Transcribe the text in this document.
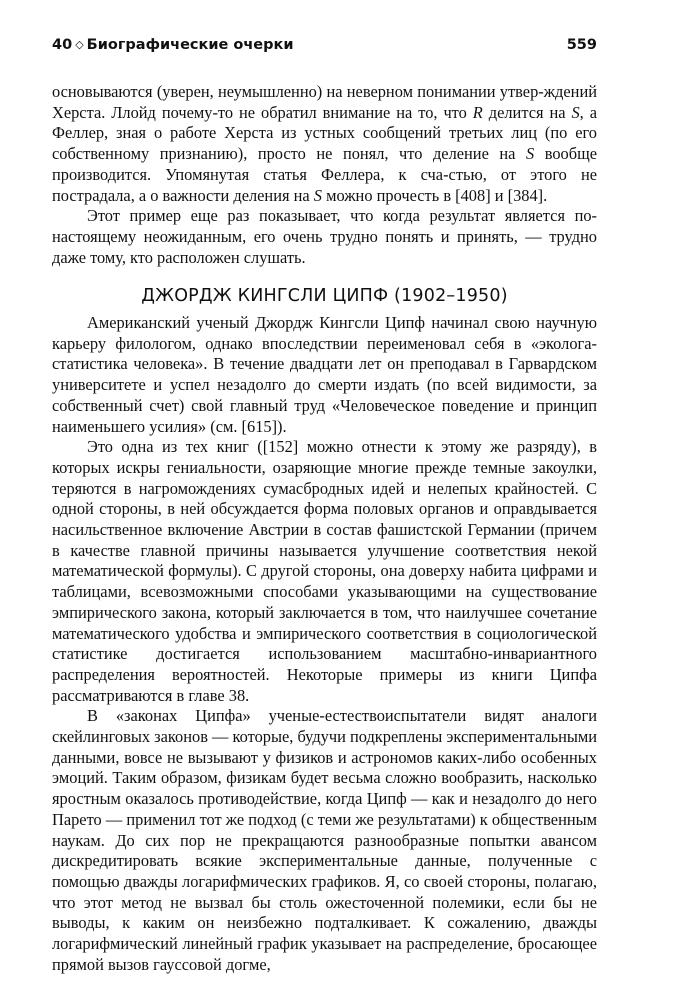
40 ◇ Биографические очерки	559

основываются (уверен, неумышленно) на неверном понимании утвер-ждений Херста. Ллойд почему-то не обратил внимание на то, что R делится на S, а Феллер, зная о работе Херста из устных сообщений третьих лиц (по его собственному признанию), просто не понял, что деление на S вообще производится. Упомянутая статья Феллера, к сча-стью, от этого не пострадала, а о важности деления на S можно прочесть в [408] и [384].

Этот пример еще раз показывает, что когда результат является по-настоящему неожиданным, его очень трудно понять и принять, — трудно даже тому, кто расположен слушать.

ДЖОРДЖ КИНГСЛИ ЦИПФ (1902–1950)

Американский ученый Джордж Кингсли Ципф начинал свою научную карьеру филологом, однако впоследствии переименовал себя в «эколога-статистика человека». В течение двадцати лет он преподавал в Гарвардском университете и успел незадолго до смерти издать (по всей видимости, за собственный счет) свой главный труд «Человеческое поведение и принцип наименьшего усилия» (см. [615]).

Это одна из тех книг ([152] можно отнести к этому же разряду), в которых искры гениальности, озаряющие многие прежде темные закоулки, теряются в нагромождениях сумасбродных идей и нелепых крайностей. С одной стороны, в ней обсуждается форма половых органов и оправдывается насильственное включение Австрии в состав фашистской Германии (причем в качестве главной причины называется улучшение соответствия некой математической формулы). С другой стороны, она доверху набита цифрами и таблицами, всевозможными способами указывающими на существование эмпирического закона, который заключается в том, что наилучшее сочетание математического удобства и эмпирического соответствия в социологической статистике достигается использованием масштабно-инвариантного распределения вероятностей. Некоторые примеры из книги Ципфа рассматриваются в главе 38.

В «законах Ципфа» ученые-естествоиспытатели видят аналоги скейлинговых законов — которые, будучи подкреплены экспериментальными данными, вовсе не вызывают у физиков и астрономов каких-либо особенных эмоций. Таким образом, физикам будет весьма сложно вообразить, насколько яростным оказалось противодействие, когда Ципф — как и незадолго до него Парето — применил тот же подход (с теми же результатами) к общественным наукам. До сих пор не прекращаются разнообразные попытки авансом дискредитировать всякие экспериментальные данные, полученные с помощью дважды логарифмических графиков. Я, со своей стороны, полагаю, что этот метод не вызвал бы столь ожесточенной полемики, если бы не выводы, к каким он неизбежно подталкивает. К сожалению, дважды логарифмический линейный график указывает на распределение, бросающее прямой вызов гауссовой догме,
